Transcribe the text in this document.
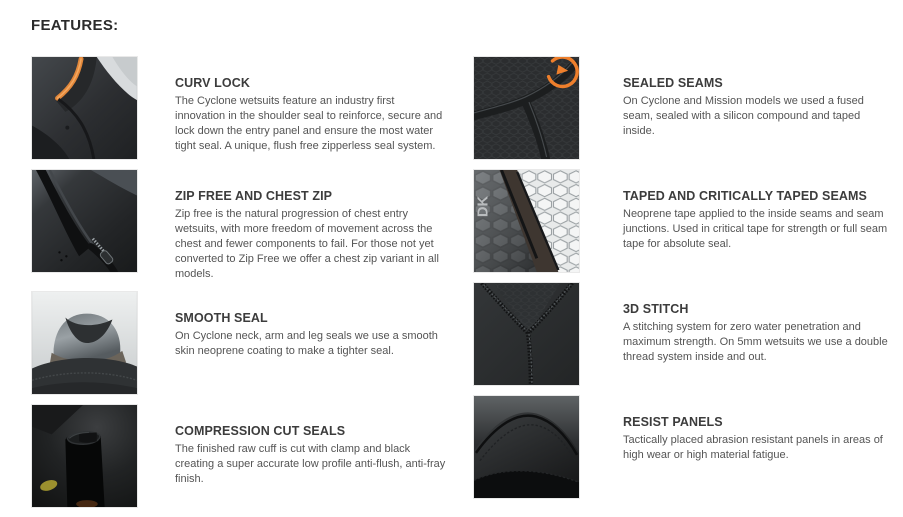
FEATURES:
CURV LOCK

The Cyclone wetsuits feature an industry first innovation in the shoulder seal to reinforce, secure and lock down the entry panel and ensure the most water tight seal. A unique, flush free zipperless seal system.

ZIP FREE AND CHEST ZIP

Zip free is the natural progression of chest entry wetsuits, with more freedom of movement across the chest and fewer components to fail. For those not yet converted to Zip Free we offer a chest zip variant in all models.

SMOOTH SEAL

On Cyclone neck, arm and leg seals we use a smooth skin neoprene coating to make a tighter seal.

COMPRESSION CUT SEALS

The finished raw cuff is cut with clamp and black creating a super accurate low profile anti-flush, anti-fray finish.

SEALED SEAMS

On Cyclone and Mission models we used a fused seam, sealed with a silicon compound and taped inside.

DK	TAPED AND CRITICALLY TAPED SEAMS

Neoprene tape applied to the inside seams and seam junctions. Used in critical tape for strength or full seam tape for absolute seal.

3D STITCH

A stitching system for zero water penetration and maximum strength. On 5mm wetsuits we use a double thread system inside and out.

RESIST PANELS

Tactically placed abrasion resistant panels in areas of high wear or high material fatigue.
